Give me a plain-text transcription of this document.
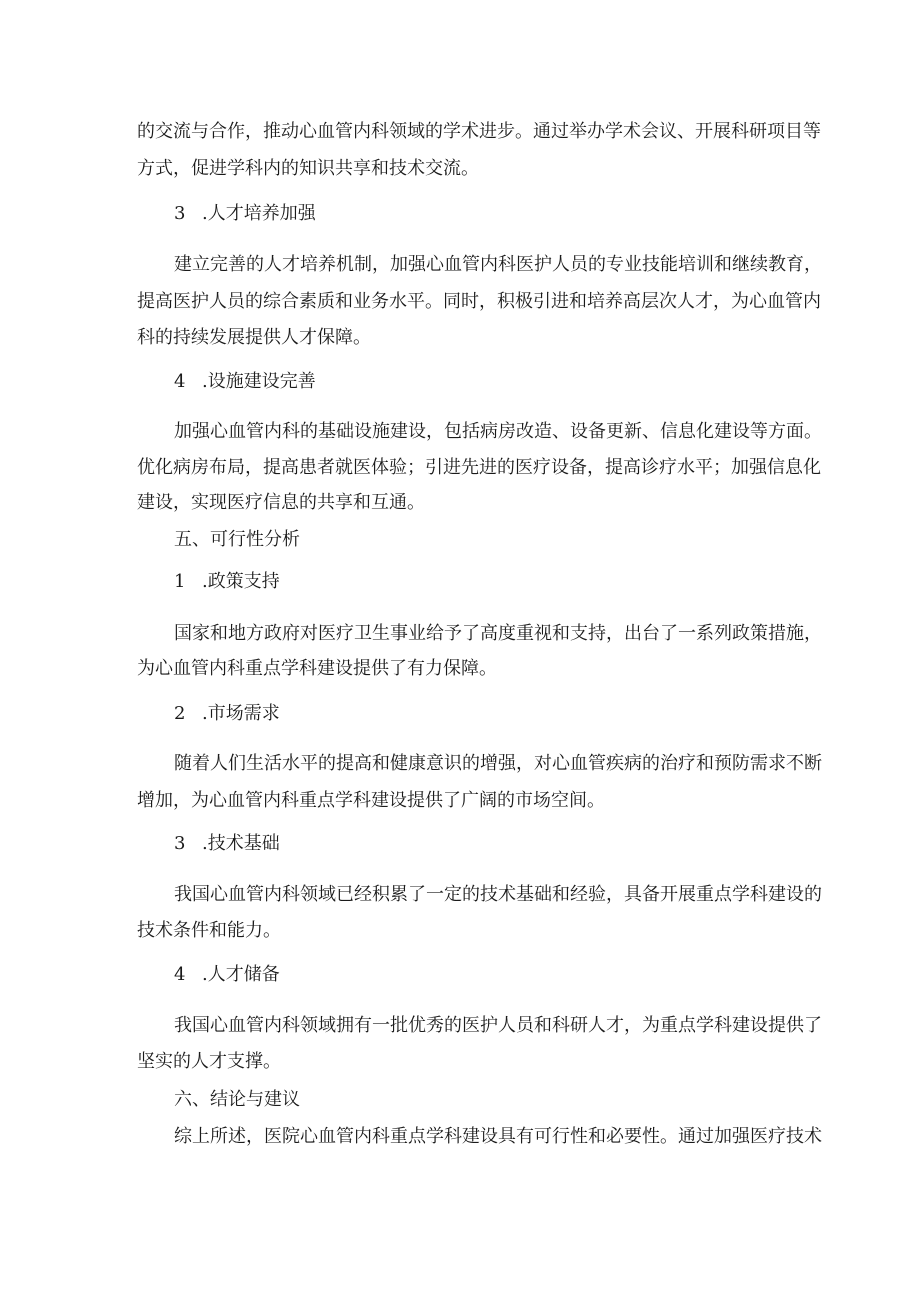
的交流与合作，推动心血管内科领域的学术进步。通过举办学术会议、开展科研项目等
方式，促进学科内的知识共享和技术交流。
3 .人才培养加强
建立完善的人才培养机制，加强心血管内科医护人员的专业技能培训和继续教育，
提高医护人员的综合素质和业务水平。同时，积极引进和培养高层次人才，为心血管内
科的持续发展提供人才保障。
4 .设施建设完善
加强心血管内科的基础设施建设，包括病房改造、设备更新、信息化建设等方面。
优化病房布局，提高患者就医体验；引进先进的医疗设备，提高诊疗水平；加强信息化
建设，实现医疗信息的共享和互通。
五、可行性分析
1 .政策支持
国家和地方政府对医疗卫生事业给予了高度重视和支持，出台了一系列政策措施，
为心血管内科重点学科建设提供了有力保障。
2 .市场需求
随着人们生活水平的提高和健康意识的增强，对心血管疾病的治疗和预防需求不断
增加，为心血管内科重点学科建设提供了广阔的市场空间。
3 .技术基础
我国心血管内科领域已经积累了一定的技术基础和经验，具备开展重点学科建设的
技术条件和能力。
4 .人才储备
我国心血管内科领域拥有一批优秀的医护人员和科研人才，为重点学科建设提供了
坚实的人才支撑。
六、结论与建议
综上所述，医院心血管内科重点学科建设具有可行性和必要性。通过加强医疗技术
